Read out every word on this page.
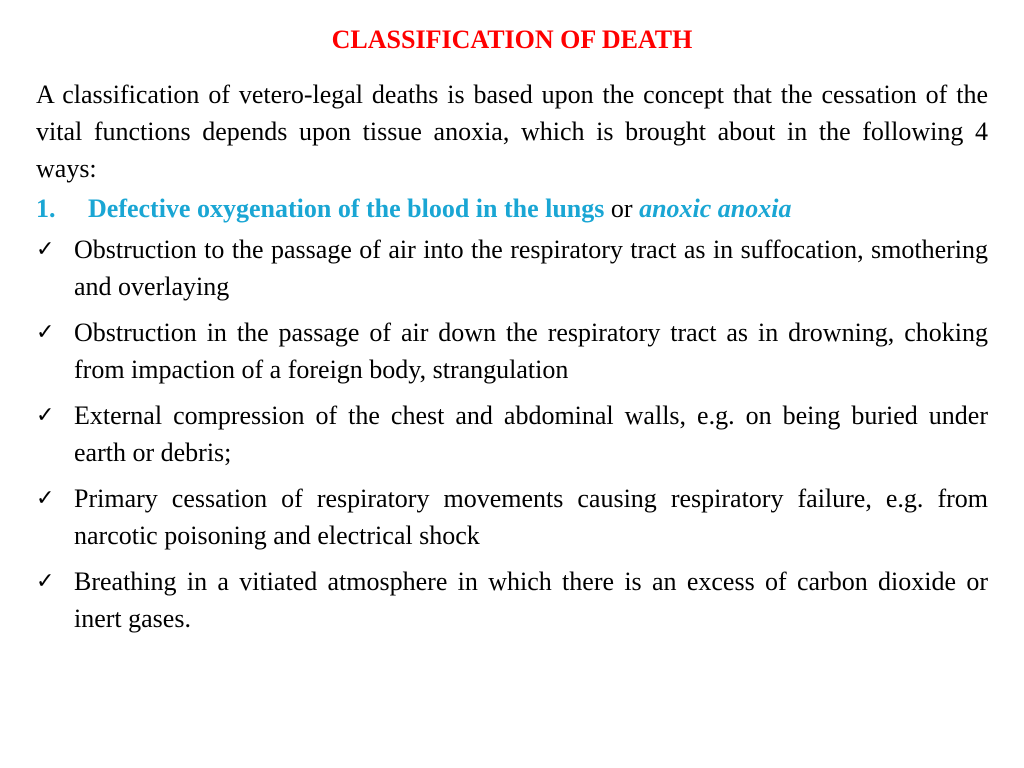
CLASSIFICATION OF DEATH

A classification of vetero-legal deaths is based upon the concept that the cessation of the vital functions depends upon tissue anoxia, which is brought about in the following 4 ways:

1. Defective oxygenation of the blood in the lungs or anoxic anoxia

✓ Obstruction to the passage of air into the respiratory tract as in suffocation, smothering and overlaying
✓ Obstruction in the passage of air down the respiratory tract as in drowning, choking from impaction of a foreign body, strangulation
✓ External compression of the chest and abdominal walls, e.g. on being buried under earth or debris;
✓ Primary cessation of respiratory movements causing respiratory failure, e.g. from narcotic poisoning and electrical shock
✓ Breathing in a vitiated atmosphere in which there is an excess of carbon dioxide or inert gases.
